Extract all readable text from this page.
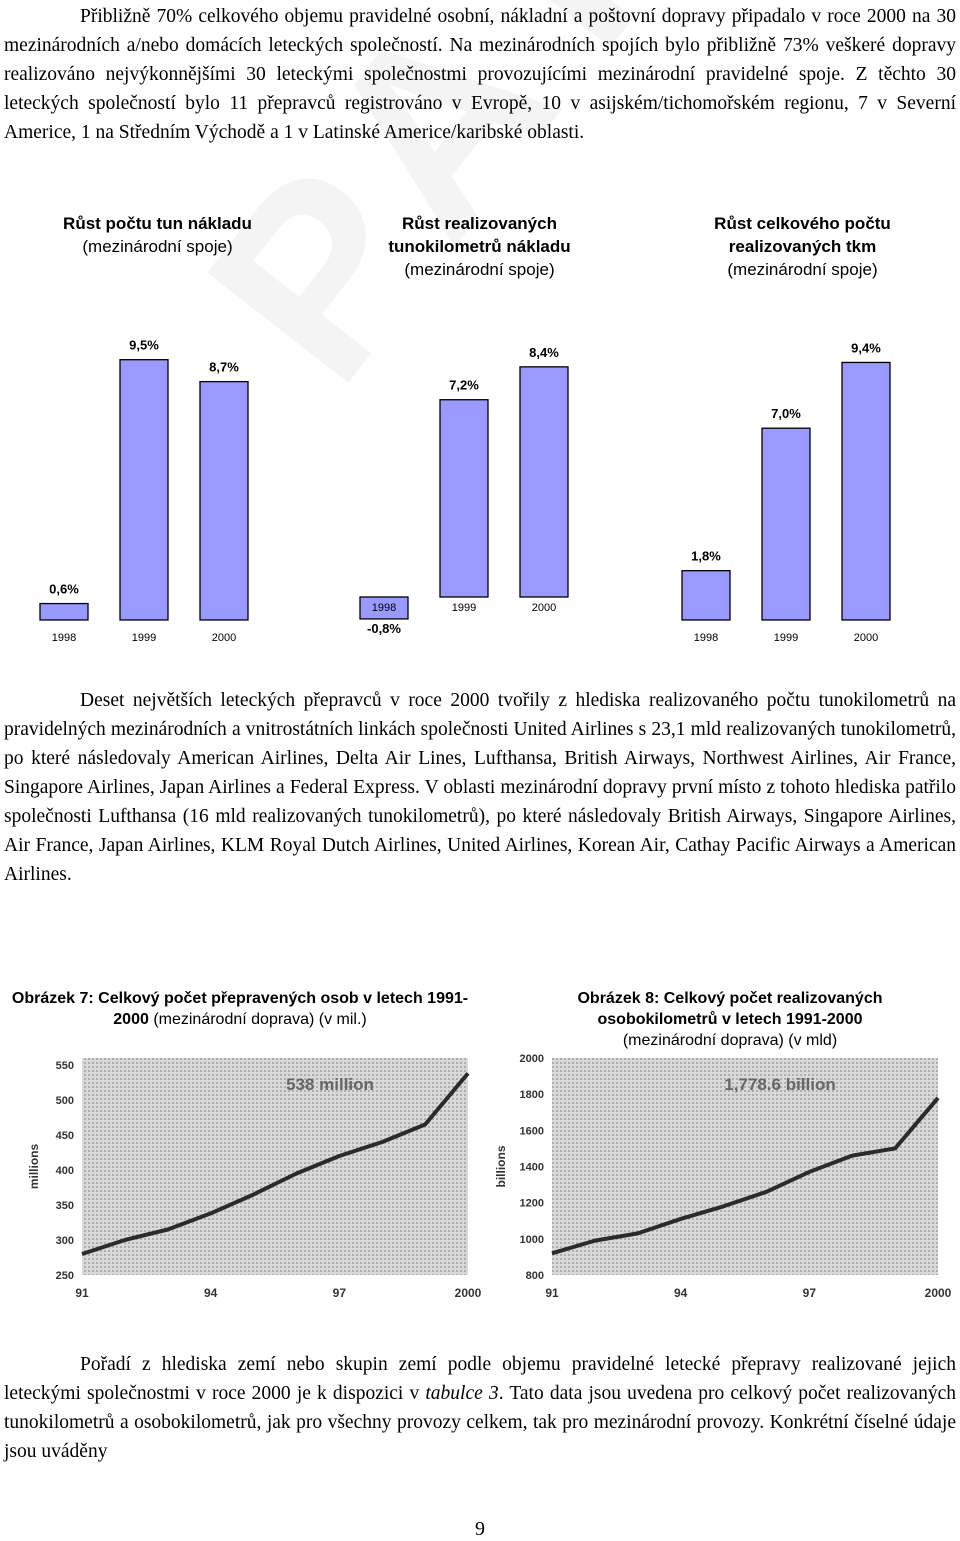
Přibližně 70% celkového objemu pravidelné osobní, nákladní a poštovní dopravy připadalo v roce 2000 na 30 mezinárodních a/nebo domácích leteckých společností. Na mezinárodních spojích bylo přibližně 73% veškeré dopravy realizováno nejvýkonnějšími 30 leteckými společnostmi provozujícími mezinárodní pravidelné spoje. Z těchto 30 leteckých společností bylo 11 přepravců registrováno v Evropě, 10 v asijském/tichomořském regionu, 7 v Severní Americe, 1 na Středním Východě a 1 v Latinské Americe/karibské oblasti.

Růst počtu tun nákladu
(mezinárodní spoje)
Růst realizovaných tunokilometrů nákladu
(mezinárodní spoje)
Růst celkového počtu realizovaných tkm
(mezinárodní spoje)
0,6%
9,5%
8,7%
1998	1999	2000
-0,8%
7,2%
8,4%
1998	1999	2000
1,8%
7,0%
9,4%
1998	1999	2000

Deset největších leteckých přepravců v roce 2000 tvořily z hlediska realizovaného počtu tunokilometrů na pravidelných mezinárodních a vnitrostátních linkách společnosti United Airlines s 23,1 mld realizovaných tunokilometrů, po které následovaly American Airlines, Delta Air Lines, Lufthansa, British Airways, Northwest Airlines, Air France, Singapore Airlines, Japan Airlines a Federal Express. V oblasti mezinárodní dopravy první místo z tohoto hlediska patřilo společnosti Lufthansa (16 mld realizovaných tunokilometrů), po které následovaly British Airways, Singapore Airlines, Air France, Japan Airlines, KLM Royal Dutch Airlines, United Airlines, Korean Air, Cathay Pacific Airways a American Airlines.

Obrázek 7: Celkový počet přepravených osob v letech 1991-2000 (mezinárodní doprava) (v mil.)
Obrázek 8: Celkový počet realizovaných
osobokilometrů v letech 1991-2000
(mezinárodní doprava) (v mld)
250
300
350
400
450
500
550
91	94	97	2000
millions
538 million
800
1000
1200
1400
1600
1800
2000
91	94	97	2000
billions
1,778.6 billion

Pořadí z hlediska zemí nebo skupin zemí podle objemu pravidelné letecké přepravy realizované jejich leteckými společnostmi v roce 2000 je k dispozici v tabulce 3. Tato data jsou uvedena pro celkový počet realizovaných tunokilometrů a osobokilometrů, jak pro všechny provozy celkem, tak pro mezinárodní provozy. Konkrétní číselné údaje jsou uváděny

9
